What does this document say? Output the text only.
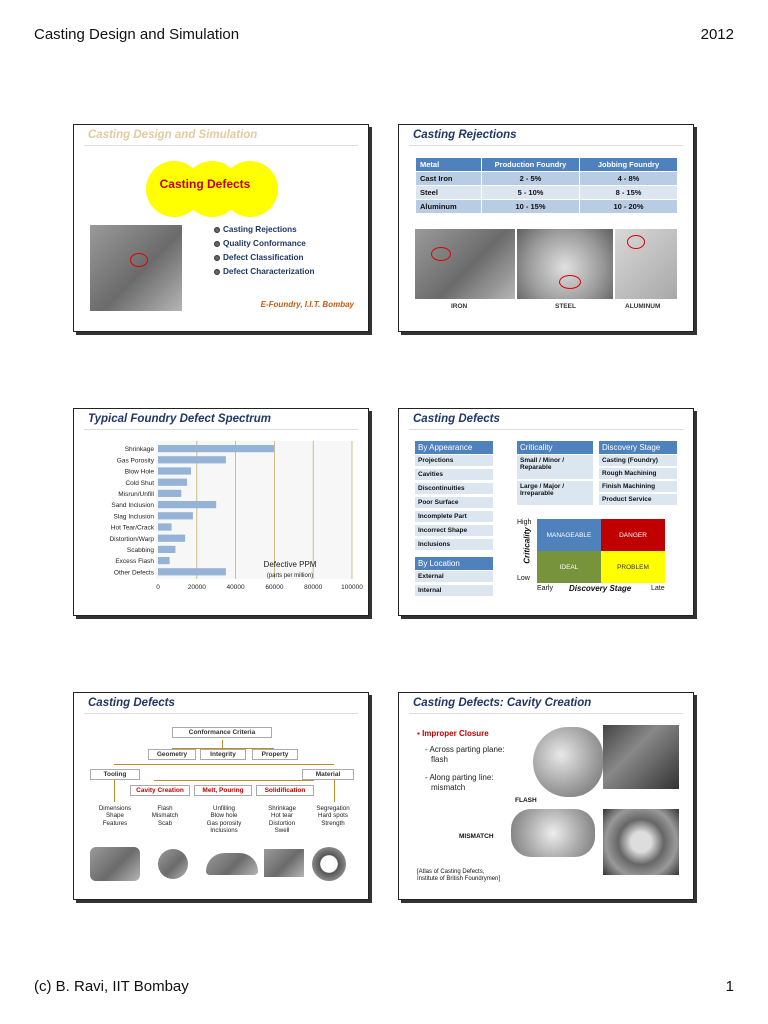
Casting Design and Simulation	2012
(c) B. Ravi, IIT Bombay	1
Casting Design and Simulation
Casting Defects
Casting Rejections
Quality Conformance
Defect Classification
Defect Characterization
E-Foundry, I.I.T. Bombay
Casting Rejections
Metal	Production Foundry	Jobbing Foundry
Cast Iron	2 - 5%	4 - 8%
Steel	5 - 10%	8 - 15%
Aluminum	10 - 15%	10 - 20%
IRON	STEEL	ALUMINUM
Typical Foundry Defect Spectrum
Shrinkage
Gas Porosity
Blow Hole
Cold Shut
Misrun/Unfill
Sand Inclusion
Slag Inclusion
Hot Tear/Crack
Distortion/Warp
Scabbing
Excess Flash
Other Defects
0	20000	40000	60000	80000	100000
Defective PPM
(parts per million)
Casting Defects
By Appearance
Projections
Cavities
Discontinuities
Poor Surface
Incomplete Part
Incorrect Shape
Inclusions
By Location
External
Internal
Criticality
Small / Minor / Reparable
Large / Major / Irreparable
Discovery Stage
Casting (Foundry)
Rough Machining
Finish Machining
Product Service
High
Low
Criticality	MANAGEABLE	DANGER
IDEAL	PROBLEM
Early Discovery Stage	Late
Casting Defects
Conformance Criteria
Geometry	Integrity	Property
Tooling	Material
Cavity Creation	Melt, Pouring	Solidification
Dimensions
Shape
Features
Flash
Mismatch
Scab
Unfilling
Blow hole
Gas porosity
Inclusions
Shrinkage
Hot tear
Distortion
Swell
Segregation
Hard spots
Strength
Casting Defects: Cavity Creation
▪ Improper Closure
- Across parting plane:
flash
- Along parting line:
mismatch
FLASH
MISMATCH
[Atlas of Casting Defects,
Institute of British Foundrymen]
